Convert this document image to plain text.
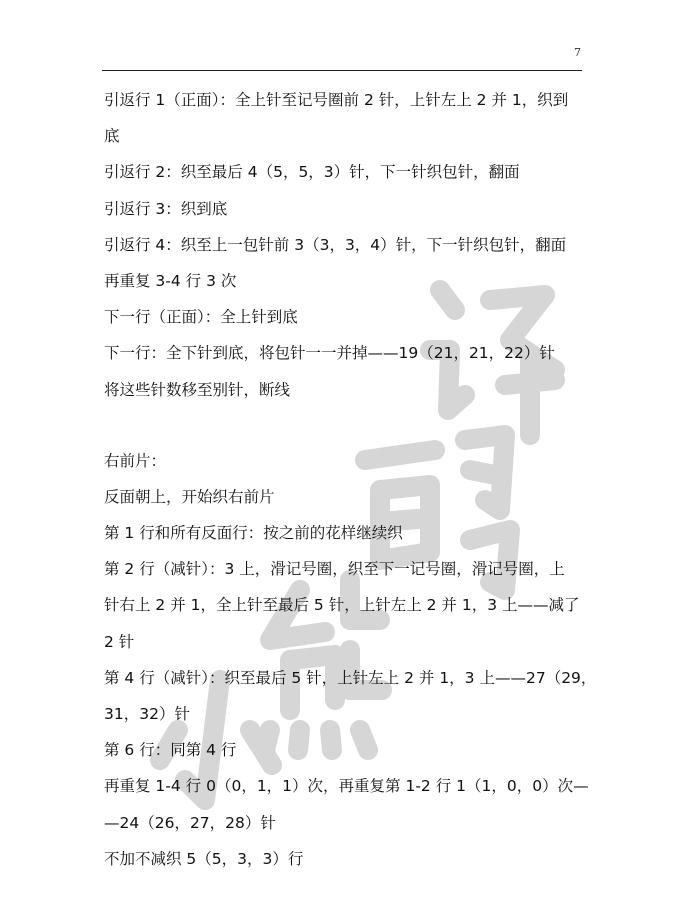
7
引返行 1（正面）：全上针至记号圈前 2 针，上针左上 2 并 1，织到
底
引返行 2：织至最后 4（5，5，3）针，下一针织包针，翻面
引返行 3：织到底
引返行 4：织至上一包针前 3（3，3，4）针，下一针织包针，翻面
再重复 3-4 行 3 次
下一行（正面）：全上针到底
下一行：全下针到底，将包针一一并掉——19（21，21，22）针
将这些针数移至别针，断线
右前片：
反面朝上，开始织右前片
第 1 行和所有反面行：按之前的花样继续织
第 2 行（减针）：3 上，滑记号圈，织至下一记号圈，滑记号圈，上
针右上 2 并 1，全上针至最后 5 针，上针左上 2 并 1，3 上——减了
2 针
第 4 行（减针）：织至最后 5 针，上针左上 2 并 1，3 上——27（29，
31，32）针
第 6 行：同第 4 行
再重复 1-4 行 0（0，1，1）次，再重复第 1-2 行 1（1，0，0）次—
—24（26，27，28）针
不加不减织 5（5，3，3）行
